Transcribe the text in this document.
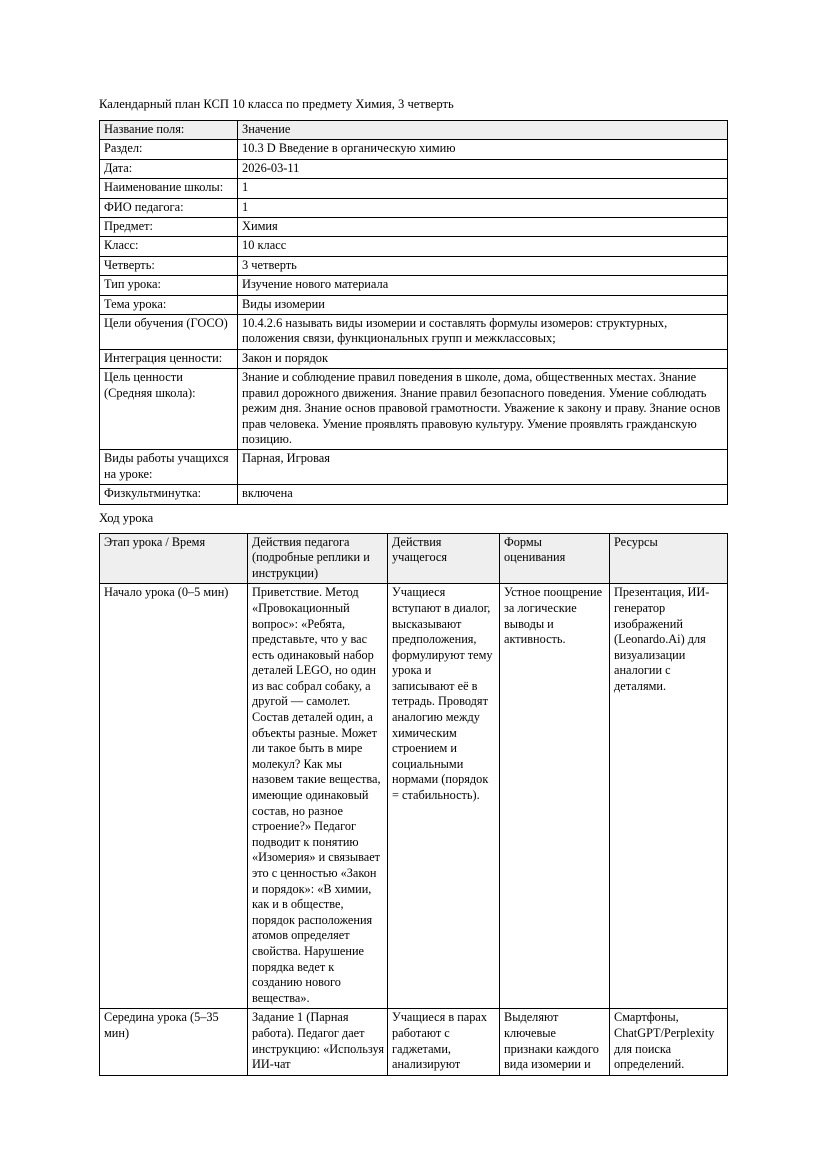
Календарный план КСП 10 класса по предмету Химия, 3 четверть
Название поля:	Значение
Раздел:	10.3 D Введение в органическую химию
Дата:	2026-03-11
Наименование школы:	1
ФИО педагога:	1
Предмет:	Химия
Класс:	10 класс
Четверть:	3 четверть
Тип урока:	Изучение нового материала
Тема урока:	Виды изомерии
Цели обучения (ГОСО)	10.4.2.6 называть виды изомерии и составлять формулы изомеров: структурных, положения связи, функциональных групп и межклассовых;
Интеграция ценности:	Закон и порядок
Цель ценности (Средняя школа):	Знание и соблюдение правил поведения в школе, дома, общественных местах. Знание правил дорожного движения. Знание правил безопасного поведения. Умение соблюдать режим дня. Знание основ правовой грамотности. Уважение к закону и праву. Знание основ прав человека. Умение проявлять правовую культуру. Умение проявлять гражданскую позицию.
Виды работы учащихся на уроке:	Парная, Игровая
Физкультминутка:	включена
Ход урока
Этап урока / Время	Действия педагога (подробные реплики и инструкции)	Действия учащегося	Формы оценивания	Ресурсы
Начало урока (0–5 мин)	Приветствие. Метод «Провокационный вопрос»: «Ребята, представьте, что у вас есть одинаковый набор деталей LEGO, но один из вас собрал собаку, а другой — самолет. Состав деталей один, а объекты разные. Может ли такое быть в мире молекул? Как мы назовем такие вещества, имеющие одинаковый состав, но разное строение?» Педагог подводит к понятию «Изомерия» и связывает это с ценностью «Закон и порядок»: «В химии, как и в обществе, порядок расположения атомов определяет свойства. Нарушение порядка ведет к созданию нового вещества».	Учащиеся вступают в диалог, высказывают предположения, формулируют тему урока и записывают её в тетрадь. Проводят аналогию между химическим строением и социальными нормами (порядок = стабильность).	Устное поощрение за логические выводы и активность.	Презентация, ИИ-генератор изображений (Leonardo.Ai) для визуализации аналогии с деталями.
Середина урока (5–35 мин)	Задание 1 (Парная работа). Педагог дает инструкцию: «Используя ИИ-чат	Учащиеся в парах работают с гаджетами, анализируют	Выделяют ключевые признаки каждого вида изомерии и	Смартфоны, ChatGPT/Perplexity для поиска определений.
